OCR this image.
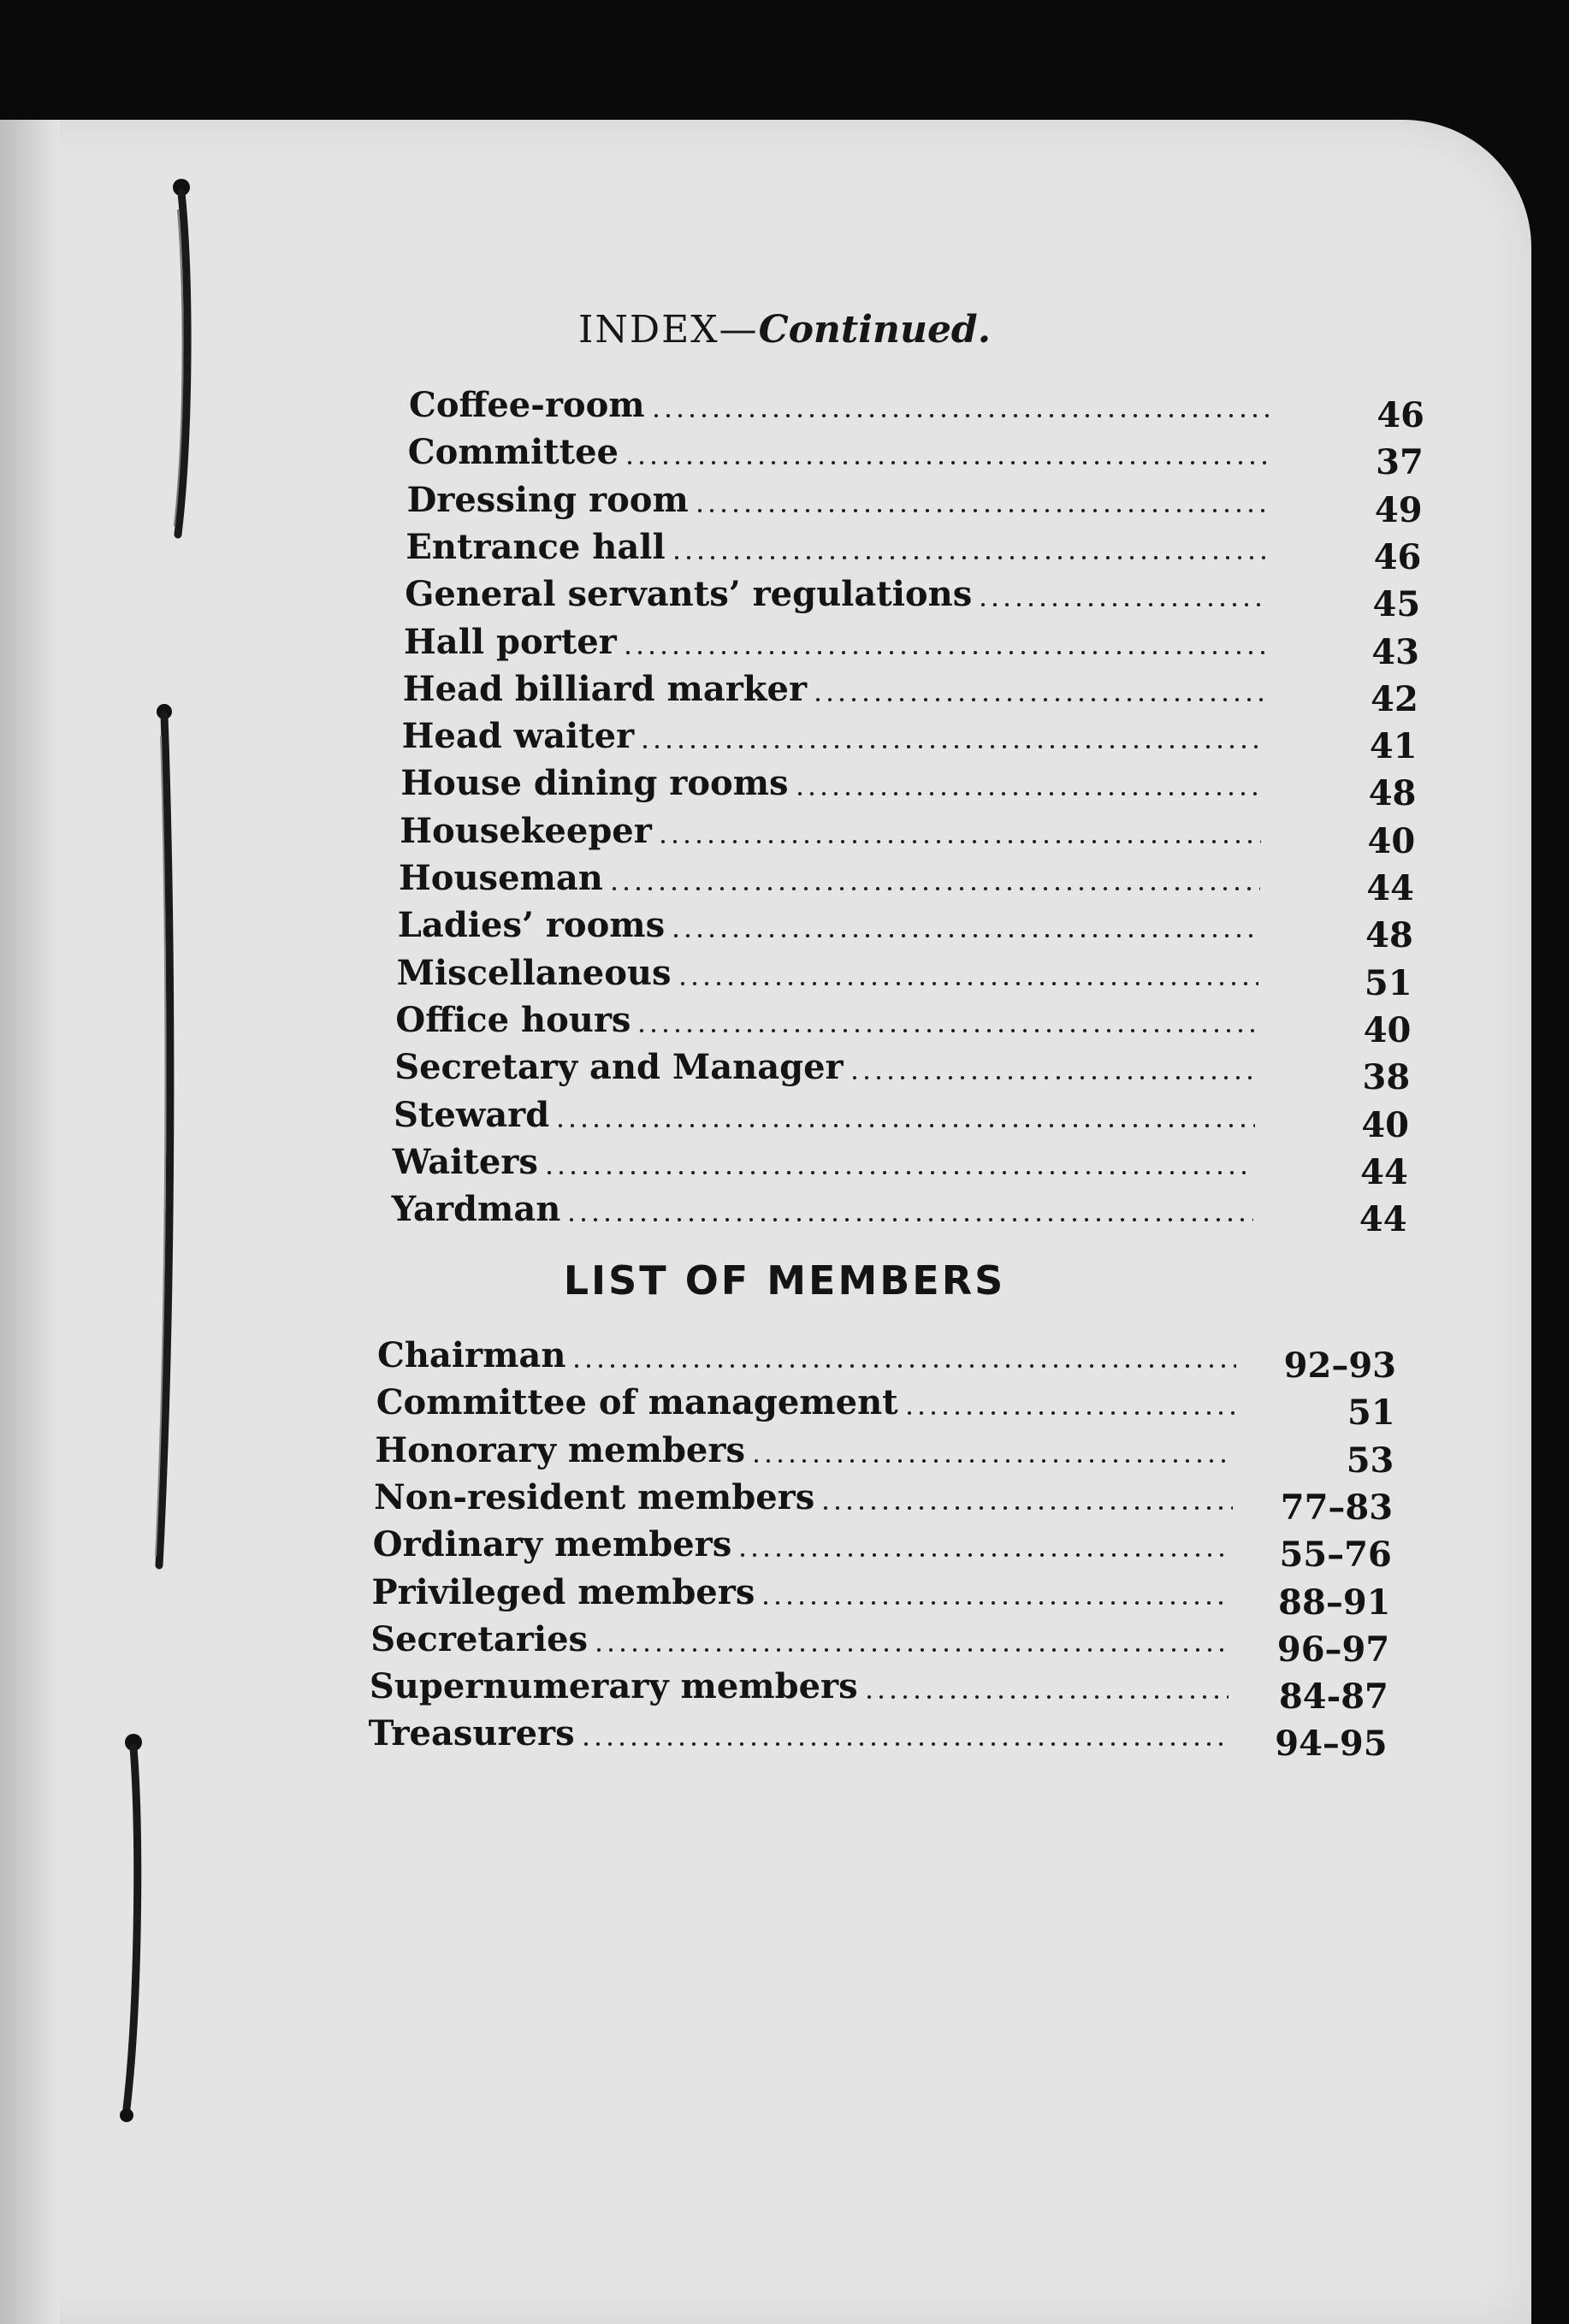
INDEX—Continued.
Coffee-room	46
Committee	37
Dressing room	49
Entrance hall	46
General servants’ regulations	45
Hall porter	43
Head billiard marker	42
Head waiter	41
House dining rooms	48
Housekeeper	40
Houseman	44
Ladies’ rooms	48
Miscellaneous	51
Office hours	40
Secretary and Manager	38
Steward	40
Waiters	44
Yardman	44
LIST OF MEMBERS
Chairman	92–93
Committee of management	51
Honorary members	53
Non-resident members	77–83
Ordinary members	55–76
Privileged members	88–91
Secretaries	96–97
Supernumerary members	84-87
Treasurers	94–95
